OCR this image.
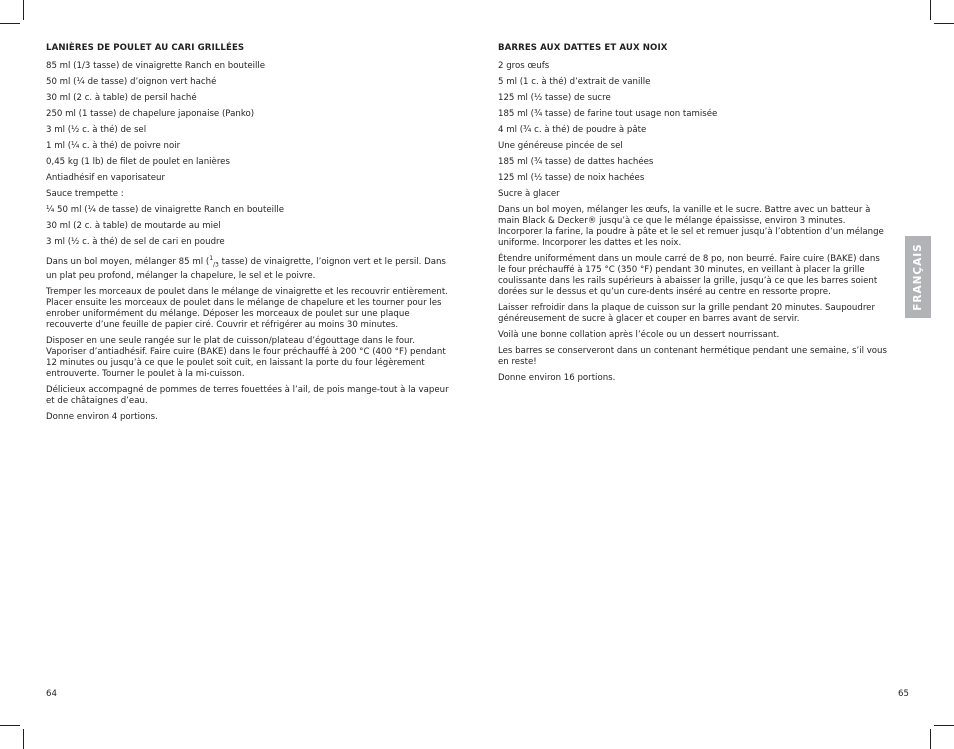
LANIÈRES DE POULET AU CARI GRILLÉES
85 ml (1/3 tasse) de vinaigrette Ranch en bouteille
50 ml (¼ de tasse) d’oignon vert haché
30 ml (2 c. à table) de persil haché
250 ml (1 tasse) de chapelure japonaise (Panko)
3 ml (½ c. à thé) de sel
1 ml (¼ c. à thé) de poivre noir
0,45 kg (1 lb) de filet de poulet en lanières
Antiadhésif en vaporisateur
Sauce trempette :
¼ 50 ml (¼ de tasse) de vinaigrette Ranch en bouteille
30 ml (2 c. à table) de moutarde au miel
3 ml (½ c. à thé) de sel de cari en poudre
Dans un bol moyen, mélanger 85 ml ($^1_{/3}$ tasse) de vinaigrette, l’oignon vert et le persil. Dans un plat peu profond, mélanger la chapelure, le sel et le poivre.
Tremper les morceaux de poulet dans le mélange de vinaigrette et les recouvrir entièrement. Placer ensuite les morceaux de poulet dans le mélange de chapelure et les tourner pour les enrober uniformément du mélange. Déposer les morceaux de poulet sur une plaque recouverte d’une feuille de papier ciré. Couvrir et réfrigérer au moins 30 minutes.
Disposer en une seule rangée sur le plat de cuisson/plateau d’égouttage dans le four. Vaporiser d’antiadhésif. Faire cuire (BAKE) dans le four préchauffé à 200 °C (400 °F) pendant 12 minutes ou jusqu’à ce que le poulet soit cuit, en laissant la porte du four légèrement entrouverte. Tourner le poulet à la mi-cuisson.
Délicieux accompagné de pommes de terres fouettées à l’ail, de pois mange-tout à la vapeur et de châtaignes d’eau.
Donne environ 4 portions.
BARRES AUX DATTES ET AUX NOIX
2 gros œufs
5 ml (1 c. à thé) d’extrait de vanille
125 ml (½ tasse) de sucre
185 ml (¾ tasse) de farine tout usage non tamisée
4 ml (¾ c. à thé) de poudre à pâte
Une généreuse pincée de sel
185 ml (¾ tasse) de dattes hachées
125 ml (½ tasse) de noix hachées
Sucre à glacer
Dans un bol moyen, mélanger les œufs, la vanille et le sucre. Battre avec un batteur à main Black & Decker® jusqu’à ce que le mélange épaississe, environ 3 minutes. Incorporer la farine, la poudre à pâte et le sel et remuer jusqu’à l’obtention d’un mélange uniforme. Incorporer les dattes et les noix.
Étendre uniformément dans un moule carré de 8 po, non beurré. Faire cuire (BAKE) dans le four préchauffé à 175 °C (350 °F) pendant 30 minutes, en veillant à placer la grille coulissante dans les rails supérieurs à abaisser la grille, jusqu’à ce que les barres soient dorées sur le dessus et qu’un cure-dents inséré au centre en ressorte propre.
Laisser refroidir dans la plaque de cuisson sur la grille pendant 20 minutes. Saupoudrer généreusement de sucre à glacer et couper en barres avant de servir.
Voilà une bonne collation après l’école ou un dessert nourrissant.
Les barres se conserveront dans un contenant hermétique pendant une semaine, s’il vous en reste!
Donne environ 16 portions.
FRANÇAIS
64	65
